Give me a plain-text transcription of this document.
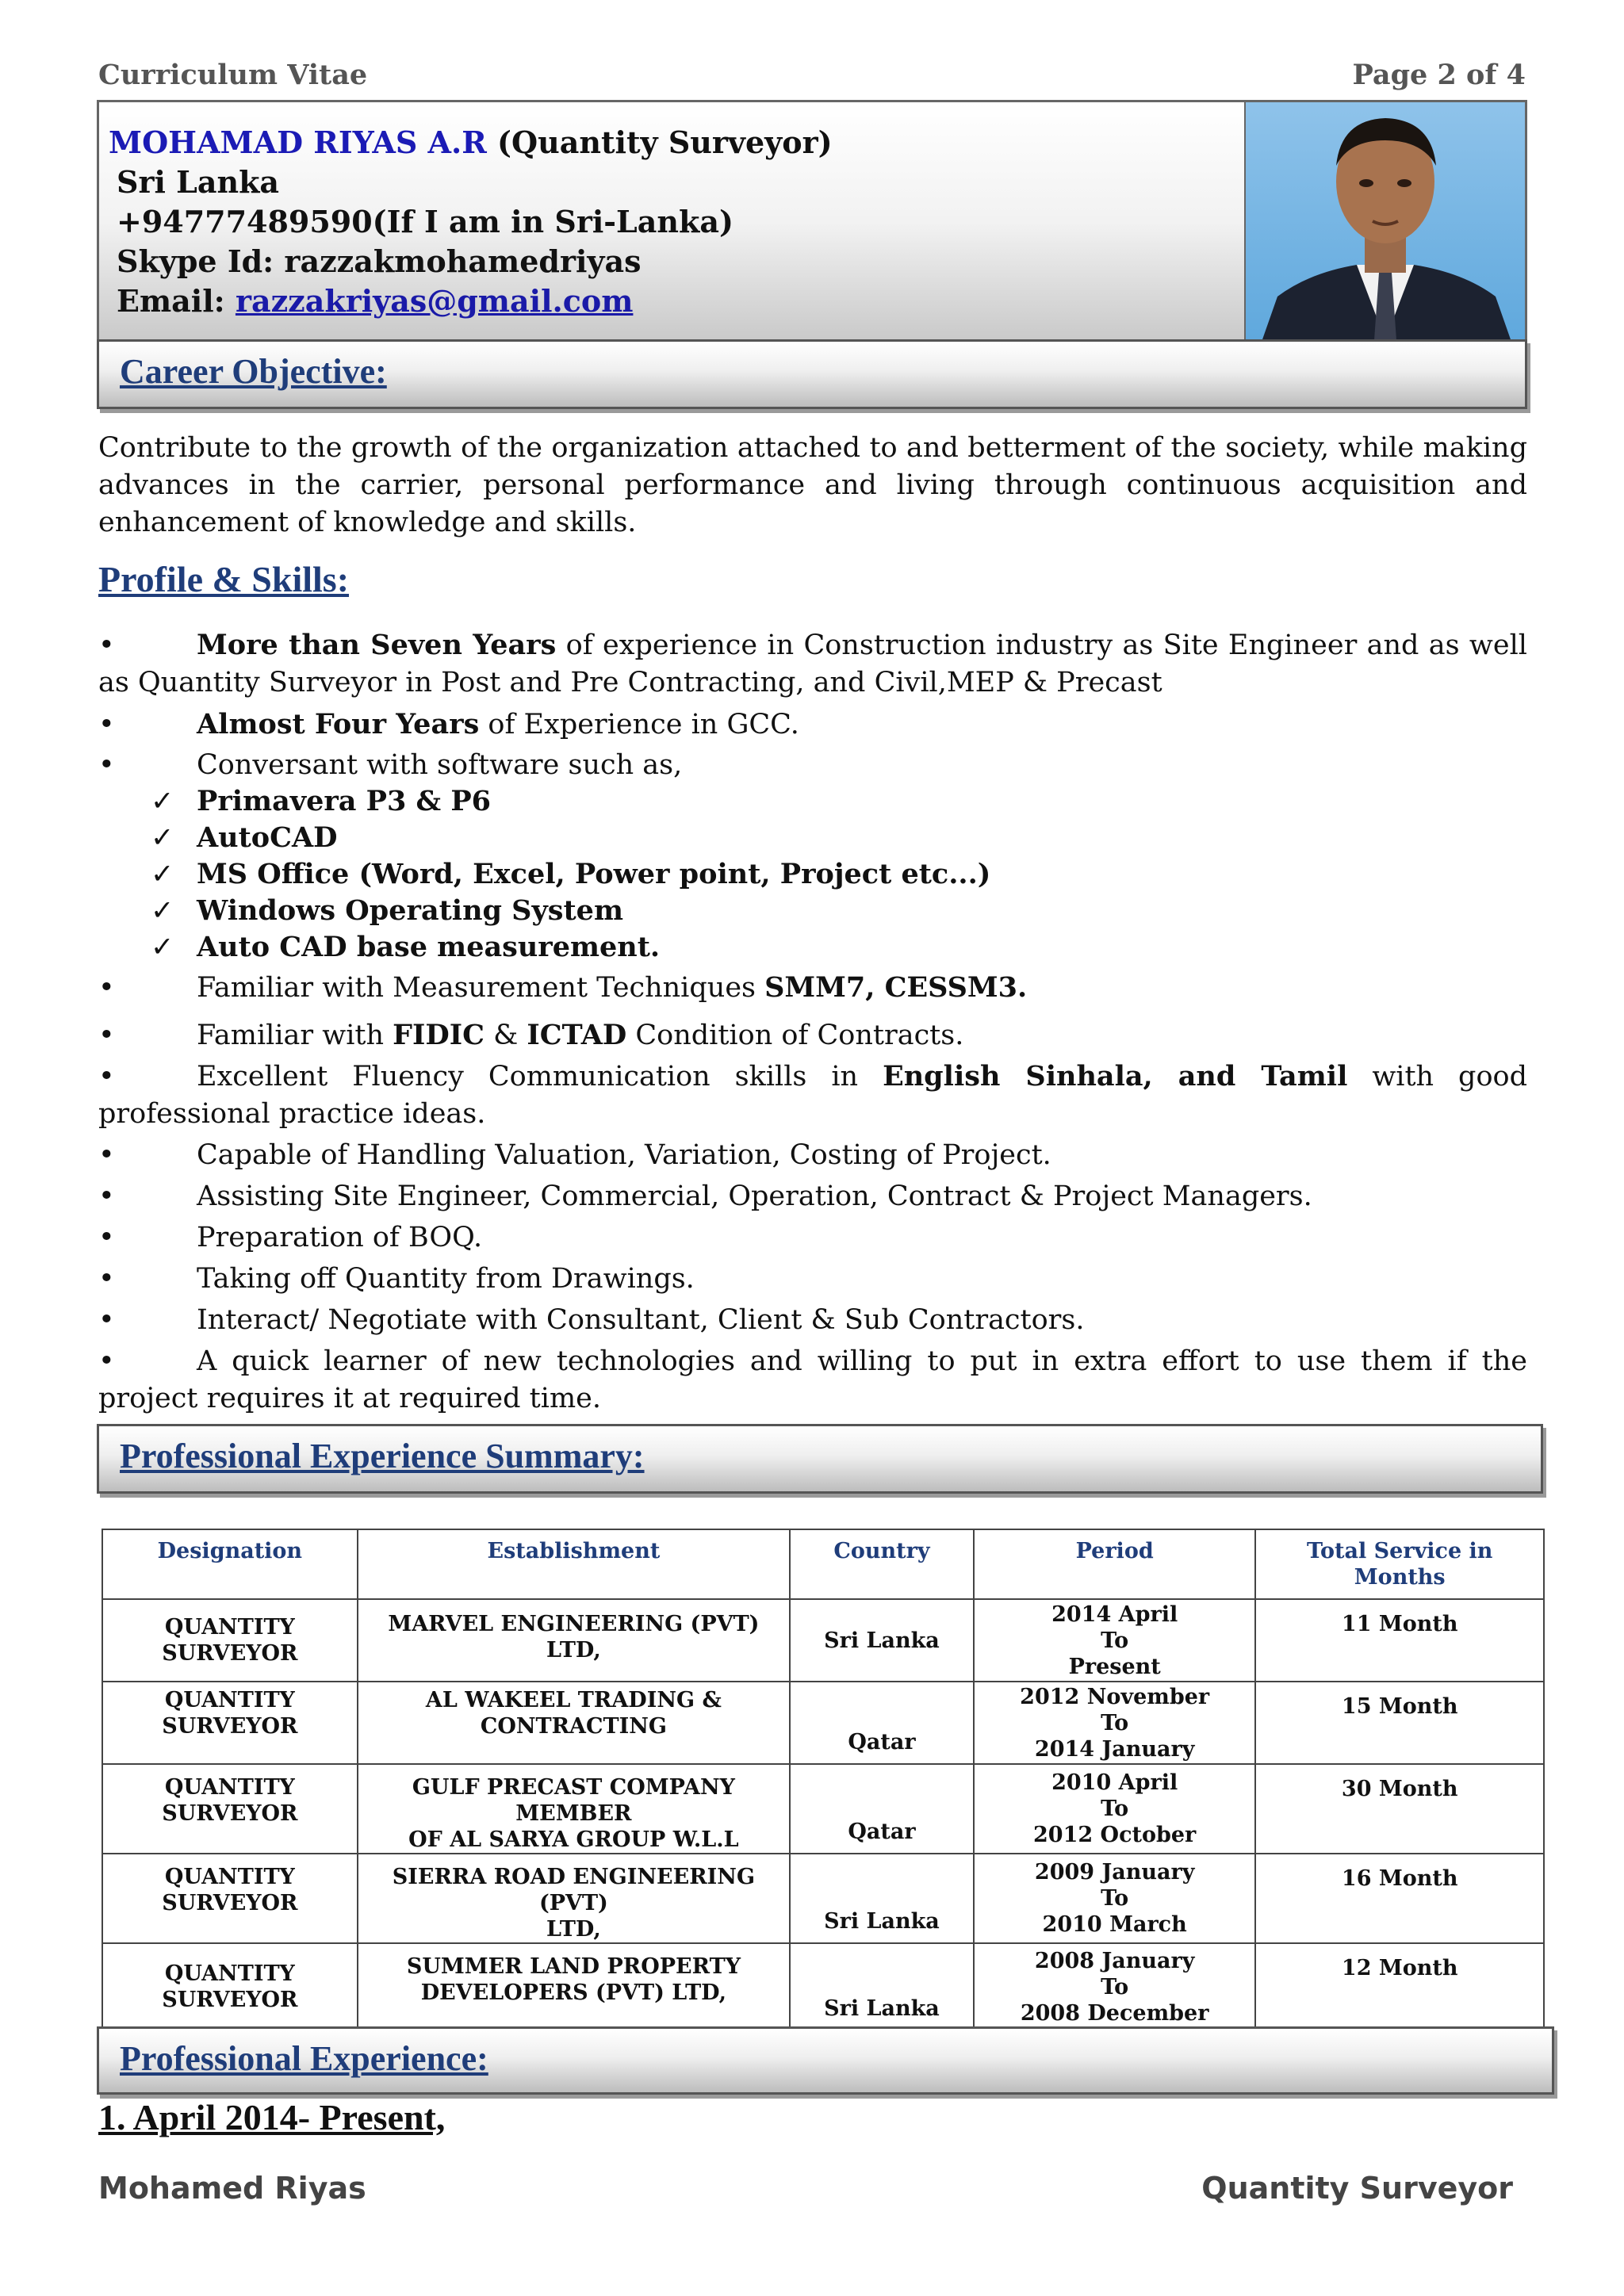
Curriculum Vitae	Page 2 of 4
MOHAMAD RIYAS A.R (Quantity Surveyor)
Sri Lanka
+94777489590(If I am in Sri-Lanka)
Skype Id: razzakmohamedriyas
Email: razzakriyas@gmail.com
Career Objective:
Contribute to the growth of the organization attached to and betterment of the society, while making advances in the carrier, personal performance and living through continuous acquisition and enhancement of knowledge and skills.
Profile & Skills:
•	More than Seven Years of experience in Construction industry as Site Engineer and as well as Quantity Surveyor in Post and Pre Contracting, and Civil,MEP & Precast
•	Almost Four Years of Experience in GCC.
•	Conversant with software such as,
✓ Primavera P3 & P6
✓ AutoCAD
✓ MS Office (Word, Excel, Power point, Project etc...)
✓ Windows Operating System
✓ Auto CAD base measurement.
•	Familiar with Measurement Techniques SMM7, CESSM3.
•	Familiar with FIDIC & ICTAD Condition of Contracts.
•	Excellent Fluency Communication skills in English Sinhala, and Tamil with good professional practice ideas.
•	Capable of Handling Valuation, Variation, Costing of Project.
•	Assisting Site Engineer, Commercial, Operation, Contract & Project Managers.
•	Preparation of BOQ.
•	Taking off Quantity from Drawings.
•	Interact/ Negotiate with Consultant, Client & Sub Contractors.
•	A quick learner of new technologies and willing to put in extra effort to use them if the project requires it at required time.
Professional Experience Summary:
Designation	Establishment	Country	Period	Total Service in Months
QUANTITY
SURVEYOR	MARVEL ENGINEERING (PVT) LTD,	Sri Lanka	2014 April
To
Present	11 Month
QUANTITY
SURVEYOR	AL WAKEEL TRADING &
CONTRACTING	Qatar	2012 November
To
2014 January	15 Month
QUANTITY
SURVEYOR	GULF PRECAST COMPANY MEMBER
OF AL SARYA GROUP W.L.L	Qatar	2010 April
To
2012 October	30 Month
QUANTITY
SURVEYOR	SIERRA ROAD ENGINEERING (PVT)
LTD,	Sri Lanka	2009 January
To
2010 March	16 Month
QUANTITY
SURVEYOR	SUMMER LAND PROPERTY
DEVELOPERS (PVT) LTD,	Sri Lanka	2008 January
To
2008 December	12 Month
Professional Experience:
1. April 2014- Present,
Mohamed Riyas	Quantity Surveyor
